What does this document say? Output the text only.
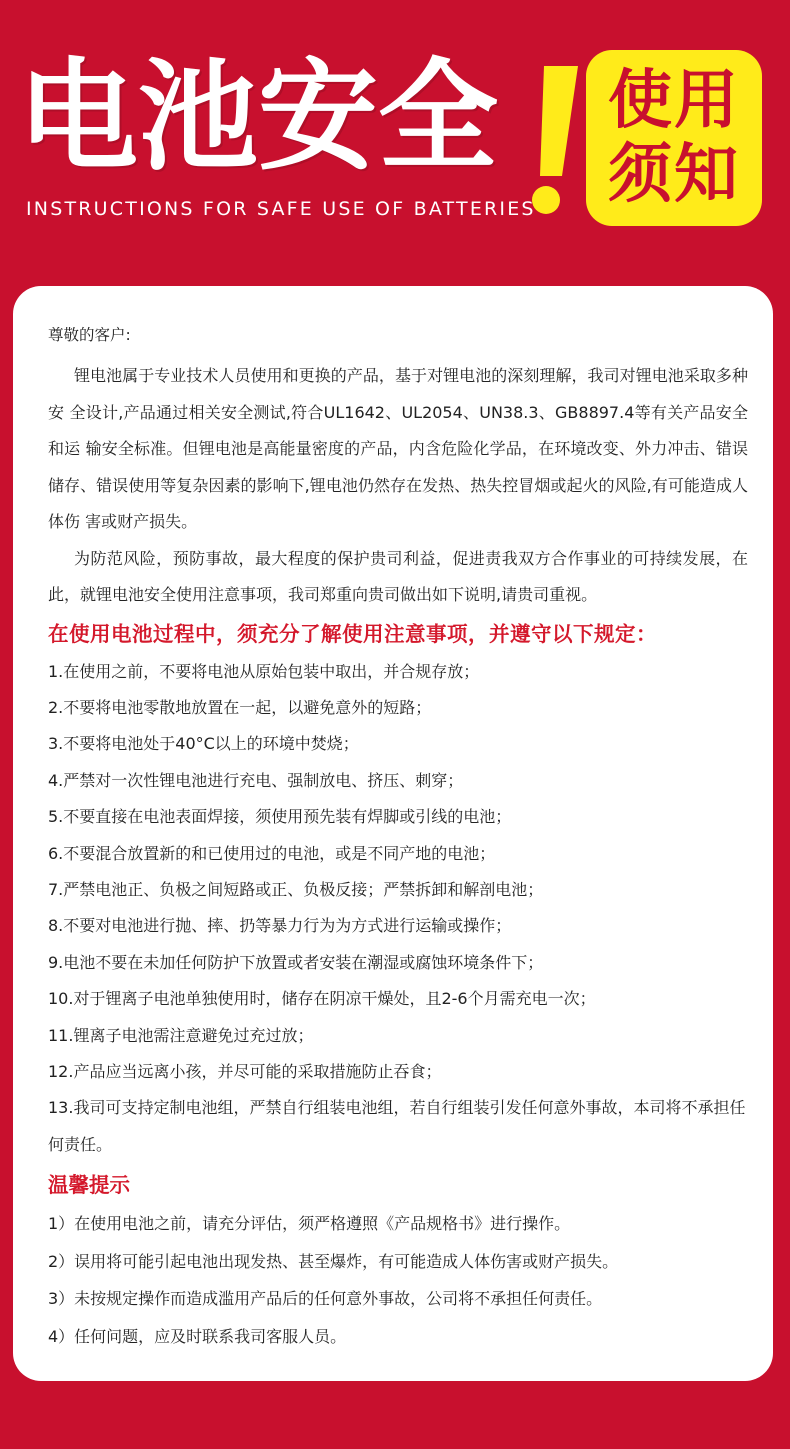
电池安全
INSTRUCTIONS FOR SAFE USE OF BATTERIES
使用
须知

尊敬的客户:

锂电池属于专业技术人员使用和更换的产品，基于对锂电池的深刻理解，我司对锂电池采取多种安 全设计,产品通过相关安全测试,符合UL1642、UL2054、UN38.3、GB8897.4等有关产品安全和运 输安全标准。但锂电池是高能量密度的产品，内含危险化学品，在环境改变、外力冲击、错误储存、错误使用等复杂因素的影响下,锂电池仍然存在发热、热失控冒烟或起火的风险,有可能造成人体伤 害或财产损失。

为防范风险，预防事故，最大程度的保护贵司利益，促进责我双方合作事业的可持续发展，在此，就锂电池安全使用注意事项，我司郑重向贵司做出如下说明,请贵司重视。

在使用电池过程中，须充分了解使用注意事项，并遵守以下规定：

1.在使用之前，不要将电池从原始包装中取出，并合规存放；
2.不要将电池零散地放置在一起，以避免意外的短路；
3.不要将电池处于40°C以上的环境中焚烧；
4.严禁对一次性锂电池进行充电、强制放电、挤压、刺穿；
5.不要直接在电池表面焊接，须使用预先装有焊脚或引线的电池；
6.不要混合放置新的和已使用过的电池，或是不同产地的电池；
7.严禁电池正、负极之间短路或正、负极反接；严禁拆卸和解剖电池；
8.不要对电池进行抛、摔、扔等暴力行为为方式进行运输或操作；
9.电池不要在未加任何防护下放置或者安装在潮湿或腐蚀环境条件下；
10.对于锂离子电池单独使用时，储存在阴凉干燥处，且2-6个月需充电一次；
11.锂离子电池需注意避免过充过放；
12.产品应当远离小孩，并尽可能的采取措施防止吞食；
13.我司可支持定制电池组，严禁自行组装电池组，若自行组装引发任何意外事故，本司将不承担任何责任。

温馨提示

1）在使用电池之前，请充分评估，须严格遵照《产品规格书》进行操作。
2）误用将可能引起电池出现发热、甚至爆炸，有可能造成人体伤害或财产损失。
3）未按规定操作而造成滥用产品后的任何意外事故，公司将不承担任何责任。
4）任何问题，应及时联系我司客服人员。
